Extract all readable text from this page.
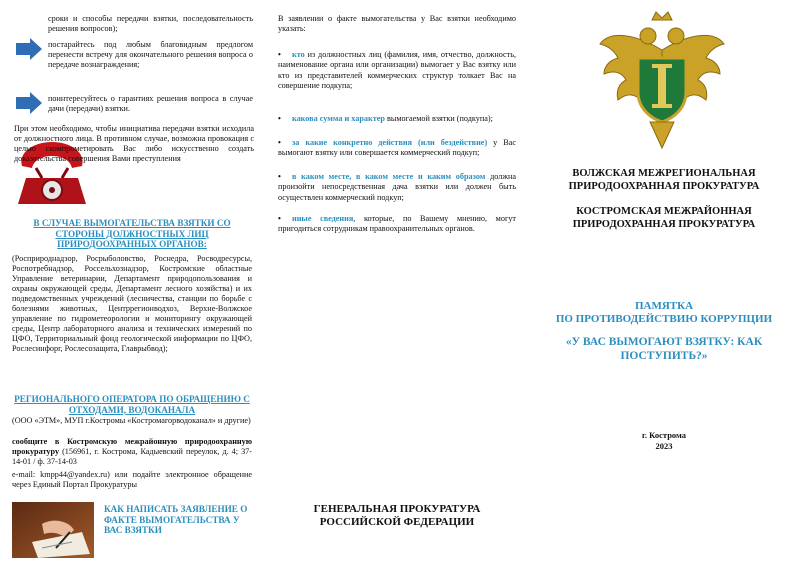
сроки и способы передачи взятки, последовательность решения вопросов);

постарайтесь под любым благовидным предлогом перенести встречу для окончательного решения вопроса о передаче вознаграждения;

поинтересуйтесь о гарантиях решения вопроса в случае дачи (передачи) взятки.

При этом необходимо, чтобы инициатива передачи взятки исходила от должностного лица. В противном случае, возможна провокация с целью скомпрометировать Вас либо искусственно создать доказательства совершения Вами преступления

В СЛУЧАЕ ВЫМОГАТЕЛЬСТВА ВЗЯТКИ СО СТОРОНЫ ДОЛЖНОСТНЫХ ЛИЦ ПРИРОДООХРАННЫХ ОРГАНОВ:

(Росприроднадзор, Росрыболовство, Роснедра, Росводресурсы, Роспотребнадзор, Россельхознадзор, Костромские областные Управление ветеринарии, Департамент природопользования и охраны окружающей среды, Департамент лесного хозяйства) и их подведомственных учреждений (лесничества, станции по борьбе с болезнями животных, Центррегионводхоз, Верхне-Волжское управление по гидрометеорологии и мониторингу окружающей среды, Центр лабораторного анализа и технических измерений по ЦФО, Территориальный фонд геологической информации по ЦФО, Рослесинфорг, Рослесозащита, Главрыбвод);

РЕГИОНАЛЬНОГО ОПЕРАТОРА ПО ОБРАЩЕНИЮ С ОТХОДАМИ, ВОДОКАНАЛА

(ООО «ЭТМ», МУП г.Костромы «Костромагорводоканал» и другие)

сообщите в Костромскую межрайонную природоохранную прокуратуру (156961, г. Кострома, Кадыевский переулок, д. 4; 37-14-01 / ф. 37-14-03

e-mail: kmpp44@yandex.ru) или подайте электронное обращение через Единый Портал Прокуратуры

КАК НАПИСАТЬ ЗАЯВЛЕНИЕ О ФАКТЕ ВЫМОГАТЕЛЬСТВА У ВАС ВЗЯТКИ

В заявлении о факте вымогательства у Вас взятки необходимо указать:

• кто из должностных лиц (фамилия, имя, отчество, должность, наименование органа или организации) вымогает у Вас взятку или кто из представителей коммерческих структур толкает Вас на совершение подкупа;

• какова сумма и характер вымогаемой взятки (подкупа);

• за какие конкретно действия (или бездействие) у Вас вымогают взятку или совершается коммерческий подкуп;

• в каком месте, в каком месте и каким образом должна произойти непосредственная дача взятки или должен быть осуществлен коммерческий подкуп;

• иные сведения, которые, по Вашему мнению, могут пригодиться сотрудникам правоохранительных органов.

ГЕНЕРАЛЬНАЯ ПРОКУРАТУРА
РОССИЙСКОЙ ФЕДЕРАЦИИ

ВОЛЖСКАЯ МЕЖРЕГИОНАЛЬНАЯ
ПРИРОДООХРАННАЯ ПРОКУРАТУРА

КОСТРОМСКАЯ МЕЖРАЙОННАЯ
ПРИРОДОХРАННАЯ ПРОКУРАТУРА

ПАМЯТКА
ПО ПРОТИВОДЕЙСТВИЮ КОРРУПЦИИ

«У ВАС ВЫМОГАЮТ ВЗЯТКУ: КАК
ПОСТУПИТЬ?»

г. Кострома
2023
